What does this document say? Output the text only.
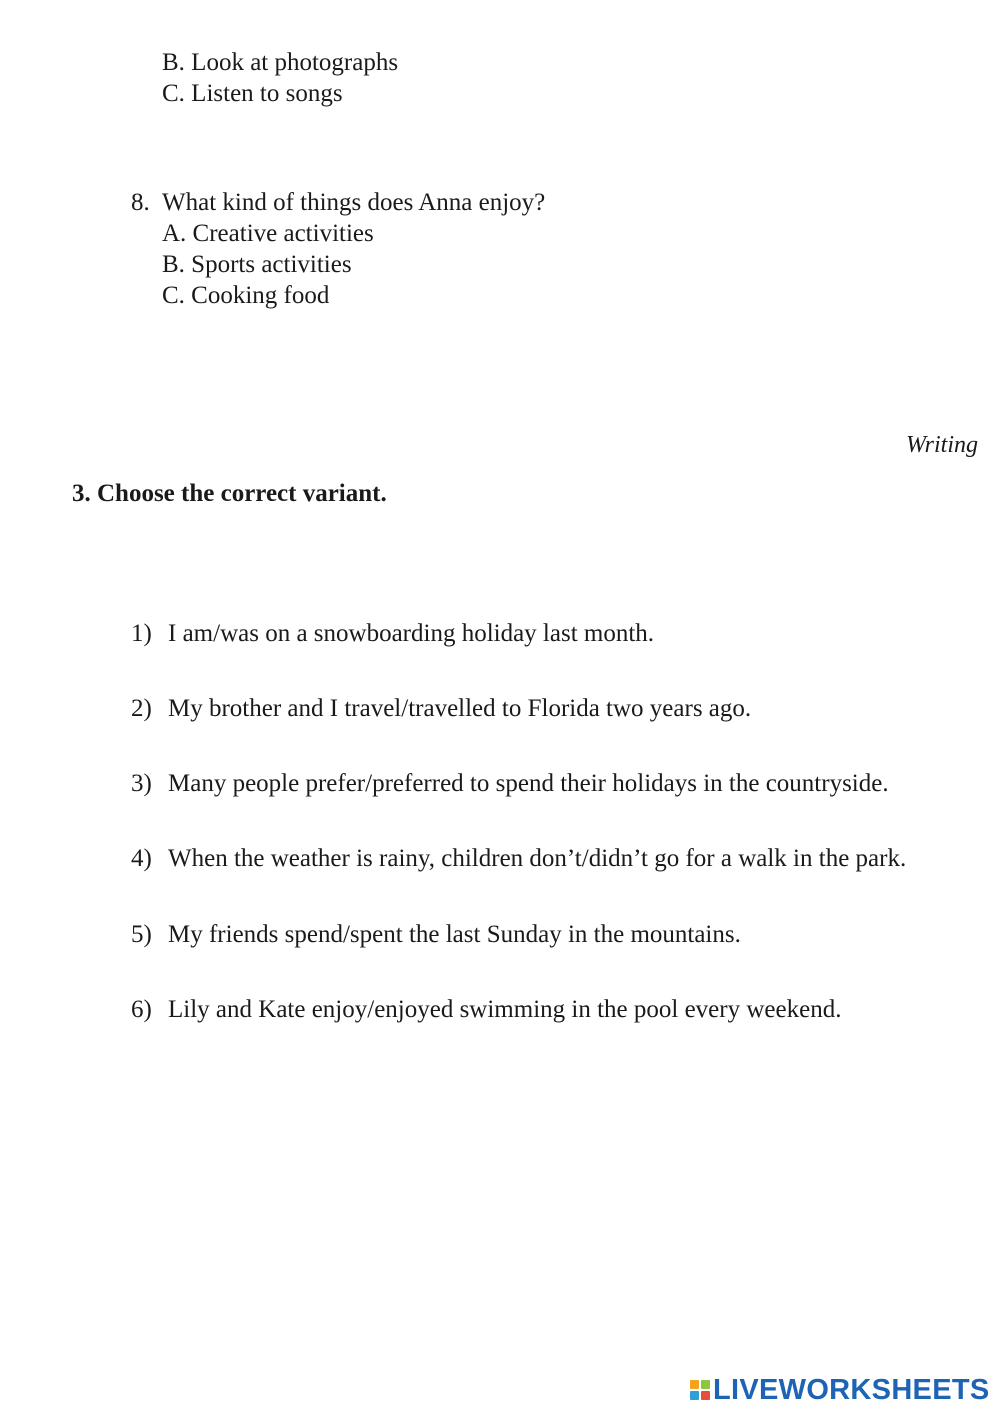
B. Look at photographs
C. Listen to songs
8. What kind of things does Anna enjoy?
A. Creative activities
B. Sports activities
C. Cooking food
Writing
3. Choose the correct variant.
1) I am/was on a snowboarding holiday last month.
2) My brother and I travel/travelled to Florida two years ago.
3) Many people prefer/preferred to spend their holidays in the countryside.
4) When the weather is rainy, children don’t/didn’t go for a walk in the park.
5) My friends spend/spent the last Sunday in the mountains.
6) Lily and Kate enjoy/enjoyed swimming in the pool every weekend.
LIVEWORKSHEETS
